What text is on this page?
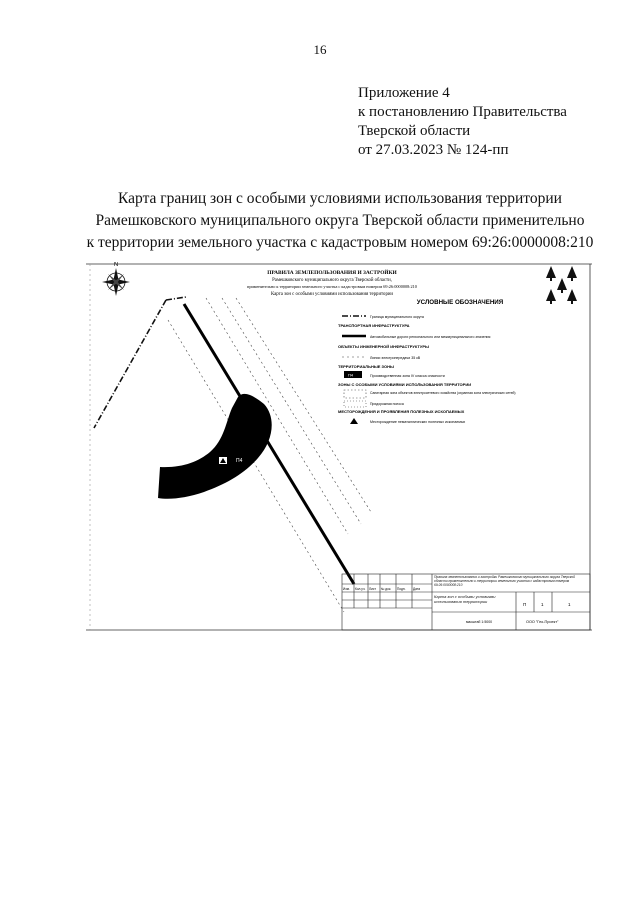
16
Приложение 4
к постановлению Правительства
Тверской области
от 27.03.2023 № 124-пп
Карта границ зон с особыми условиями использования территории
Рамешковского муниципального округа Тверской области применительно
к территории земельного участка с кадастровым номером 69:26:0000008:210
N
ПРАВИЛА ЗЕМЛЕПОЛЬЗОВАНИЯ И ЗАСТРОЙКИ
Рамешковского муниципального округа Тверской области,
применительно к территории земельного участка с кадастровым номером 69:26:0000008:210
Карта зон с особыми условиями использования территории
П4
УСЛОВНЫЕ ОБОЗНАЧЕНИЯ
Граница муниципального округа
ТРАНСПОРТНАЯ ИНФРАСТРУКТУРА
Автомобильные дороги регионального или межмуниципального значения
ОБЪЕКТЫ ИНЖЕНЕРНОЙ ИНФРАСТРУКТУРЫ
Линии электропередачи 35 кВ
ТЕРРИТОРИАЛЬНЫЕ ЗОНЫ
П4	Производственная зона IV класса опасности
ЗОНЫ С ОСОБЫМИ УСЛОВИЯМИ ИСПОЛЬЗОВАНИЯ ТЕРРИТОРИИ
Санитарная зона объектов электросетевого хозяйства (охранная зона электрических сетей)
Придорожная полоса
МЕСТОРОЖДЕНИЯ И ПРОЯВЛЕНИЯ ПОЛЕЗНЫХ ИСКОПАЕМЫХ
Месторождение нематаллических полезных ископаемых
Изм. Кол.уч. Лист № док. Подп. Дата
Правила землепользования и застройки Рамешковского муниципального округа Тверской области применительно к территории земельного участка с кадастровым номером 69:26:0000008:210
Карта зон с особыми условиями использования территории
П	1	1
масштаб 1:5000	ООО "Гео-Проект"
